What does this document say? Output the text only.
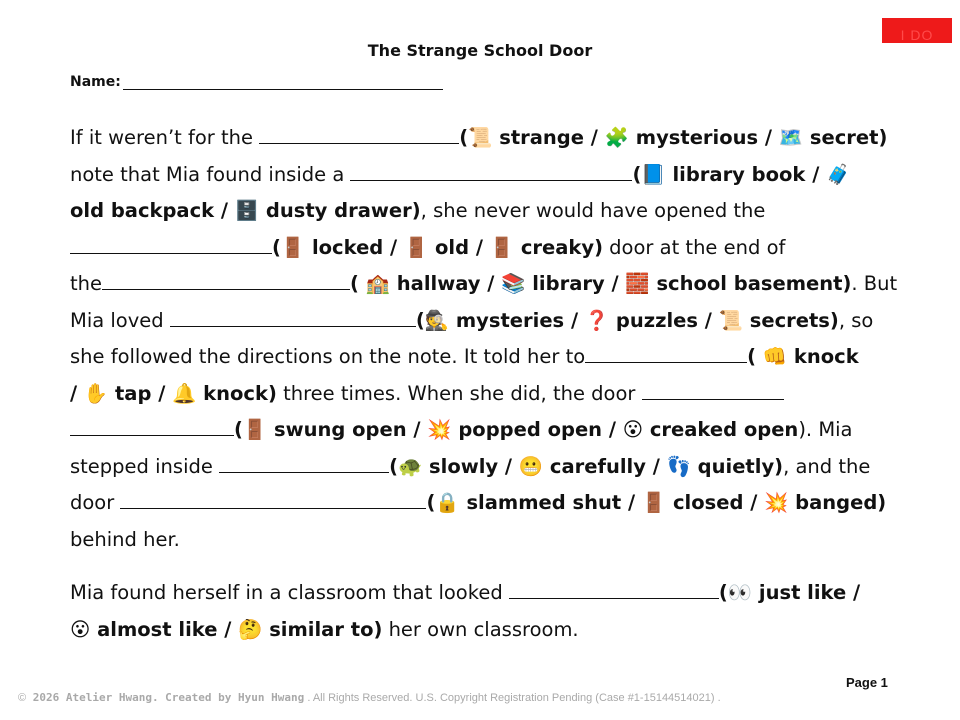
I DO
The Strange School Door
Name:
If it weren’t for the	(📜 strange / 🧩 mysterious / 🗺️ secret)
note that Mia found inside a	(📘 library book / 🧳
old backpack / 🗄️ dusty drawer), she never would have opened the
(🚪 locked / 🚪 old / 🚪 creaky) door at the end of
the	( 🏫 hallway / 📚 library / 🧱 school basement). But
Mia loved	(🕵️ mysteries / ❓ puzzles / 📜 secrets), so
she followed the directions on the note. It told her to	( 👊 knock
/ ✋ tap / 🔔 knock) three times. When she did, the door
(🚪 swung open / 💥 popped open / 😮 creaked open). Mia
stepped inside	(🐢 slowly / 😬 carefully / 👣 quietly), and the
door	(🔒 slammed shut / 🚪 closed / 💥 banged)
behind her.
Mia found herself in a classroom that looked	(👀 just like /
😮 almost like / 🤔 similar to) her own classroom.
Page 1
© 2026 Atelier Hwang. Created by Hyun Hwang . All Rights Reserved. U.S. Copyright Registration Pending (Case #1-15144514021) .
